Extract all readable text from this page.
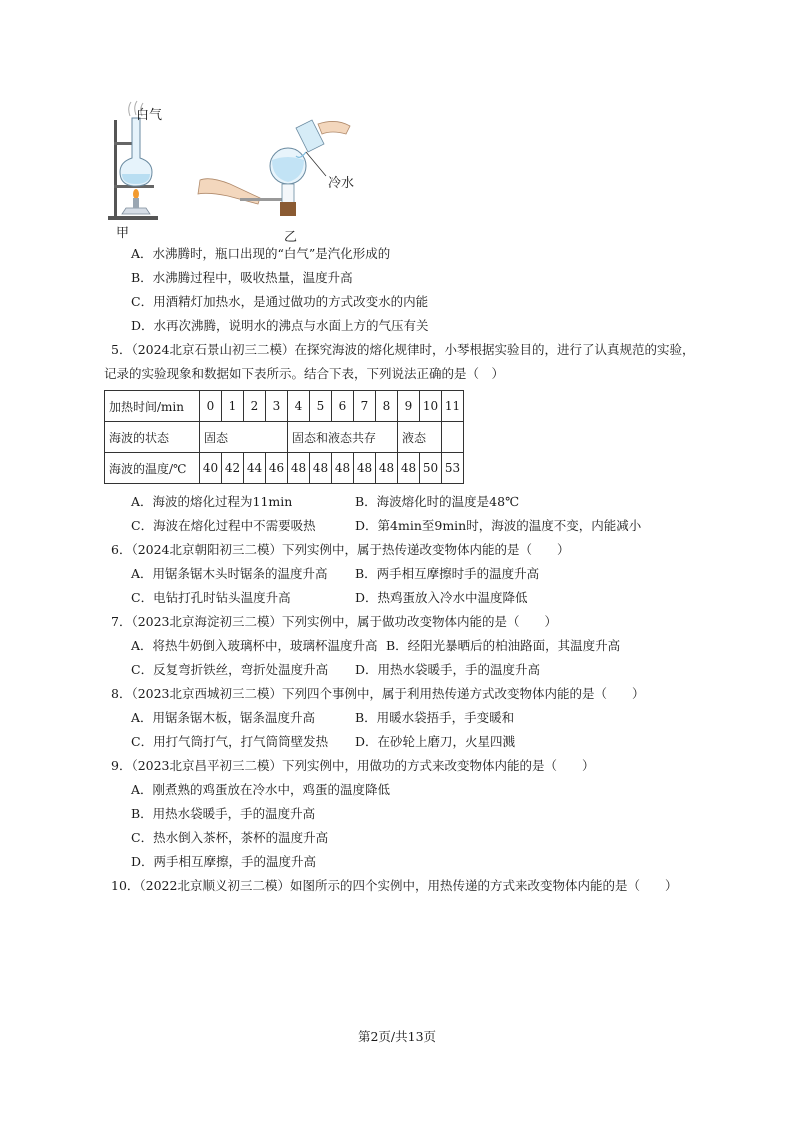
白气
甲	乙
冷水
A．水沸腾时，瓶口出现的“白气”是汽化形成的
B．水沸腾过程中，吸收热量，温度升高
C．用酒精灯加热水，是通过做功的方式改变水的内能
D．水再次沸腾，说明水的沸点与水面上方的气压有关
5．（2024北京石景山初三二模）在探究海波的熔化规律时，小琴根据实验目的，进行了认真规范的实验，
记录的实验现象和数据如下表所示。结合下表，下列说法正确的是（　）
加热时间/min	0	1	2	3	4	5	6	7	8	9	10	11
海波的状态	固态				固态和液态共存					液态		
海波的温度/℃	40	42	44	46	48	48	48	48	48	48	50	53
A．海波的熔化过程为11min	B．海波熔化时的温度是48℃
C．海波在熔化过程中不需要吸热	D．第4min至9min时，海波的温度不变，内能减小
6．（2024北京朝阳初三二模）下列实例中，属于热传递改变物体内能的是（　　）
A．用锯条锯木头时锯条的温度升高 B．两手相互摩擦时手的温度升高
C．电钻打孔时钻头温度升高	D．热鸡蛋放入冷水中温度降低
7．（2023北京海淀初三二模）下列实例中，属于做功改变物体内能的是（　　）
A．将热牛奶倒入玻璃杯中，玻璃杯温度升高 B．经阳光暴晒后的柏油路面，其温度升高
C．反复弯折铁丝，弯折处温度升高 D．用热水袋暖手，手的温度升高
8．（2023北京西城初三二模）下列四个事例中，属于利用热传递方式改变物体内能的是（　　）
A．用锯条锯木板，锯条温度升高	B．用暖水袋捂手，手变暖和
C．用打气筒打气，打气筒筒壁发热 D．在砂轮上磨刀，火星四溅
9．（2023北京昌平初三二模）下列实例中，用做功的方式来改变物体内能的是（　　）
A．刚煮熟的鸡蛋放在冷水中，鸡蛋的温度降低
B．用热水袋暖手，手的温度升高
C．热水倒入茶杯，茶杯的温度升高
D．两手相互摩擦，手的温度升高
10．（2022北京顺义初三二模）如图所示的四个实例中，用热传递的方式来改变物体内能的是（　　）
第2页/共13页
